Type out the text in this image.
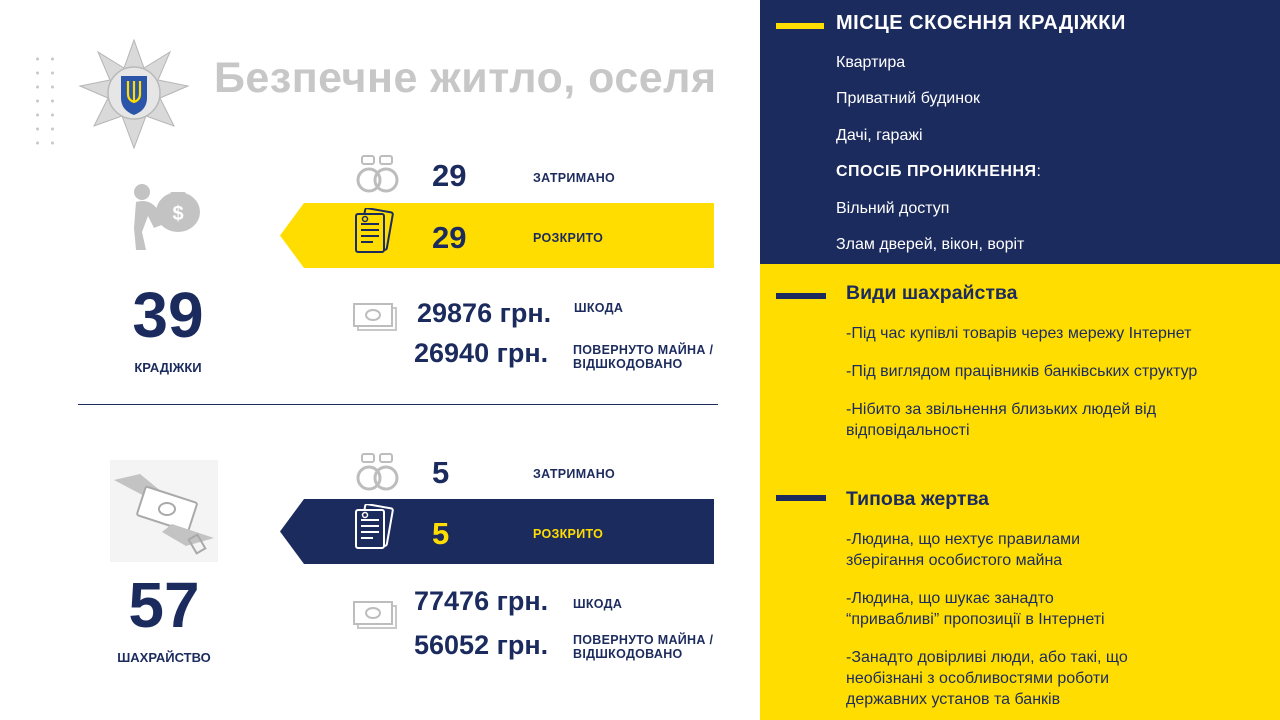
Безпечне житло, оселя
$
39
КРАДІЖКИ
29	ЗАТРИМАНО
29	РОЗКРИТО
29876 грн. ШКОДА
26940 грн. ПОВЕРНУТО МАЙНА /
ВІДШКОДОВАНО
57
ШАХРАЙСТВО
5	ЗАТРИМАНО
5	РОЗКРИТО
77476 грн. ШКОДА
56052 грн. ПОВЕРНУТО МАЙНА /
ВІДШКОДОВАНО
МІСЦЕ СКОЄННЯ КРАДІЖКИ
Квартира
Приватний будинок
Дачі, гаражі
СПОСІБ ПРОНИКНЕННЯ:
Вільний доступ
Злам дверей, вікон, воріт
Види шахрайства
-Під час купівлі товарів через мережу Інтернет
-Під виглядом працівників банківських структур
-Нібито за звільнення близьких людей від
відповідальності
Типова жертва
-Людина, що нехтує правилами
зберігання особистого майна
-Людина, що шукає занадто
“привабливі” пропозиції в Інтернеті
-Занадто довірливі люди, або такі, що
необізнані з особливостями роботи
державних установ та банків
